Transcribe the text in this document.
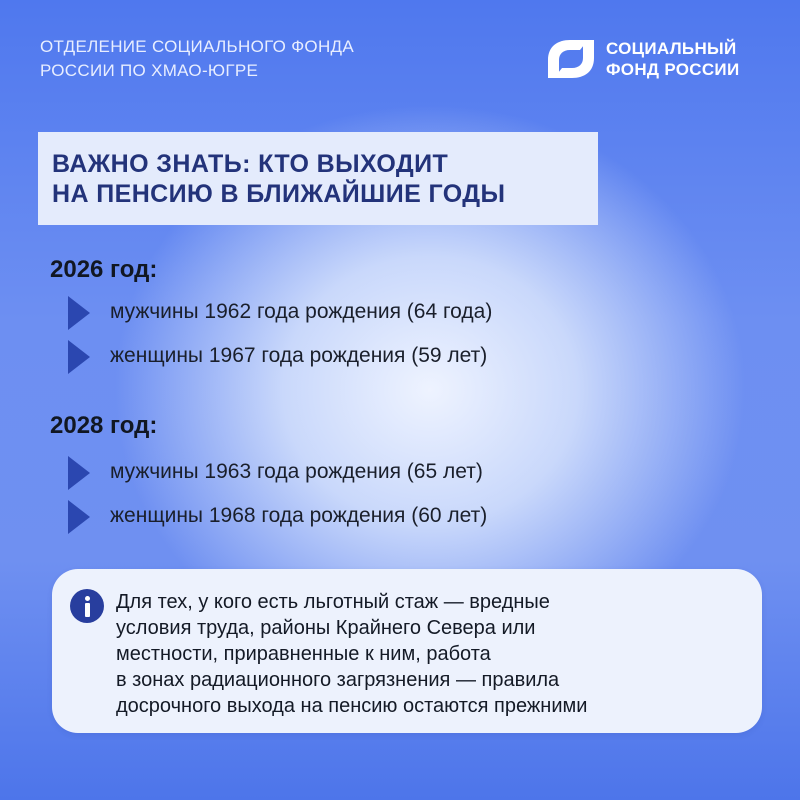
ОТДЕЛЕНИЕ СОЦИАЛЬНОГО ФОНДА
РОССИИ ПО ХМАО-ЮГРЕ
СОЦИАЛЬНЫЙ
ФОНД РОССИИ
ВАЖНО ЗНАТЬ: КТО ВЫХОДИТ
НА ПЕНСИЮ В БЛИЖАЙШИЕ ГОДЫ
2026 год:
мужчины 1962 года рождения (64 года)
женщины 1967 года рождения (59 лет)
2028 год:
мужчины 1963 года рождения (65 лет)
женщины 1968 года рождения (60 лет)
Для тех, у кого есть льготный стаж — вредные
условия труда, районы Крайнего Севера или
местности, приравненные к ним, работа
в зонах радиационного загрязнения — правила
досрочного выхода на пенсию остаются прежними
